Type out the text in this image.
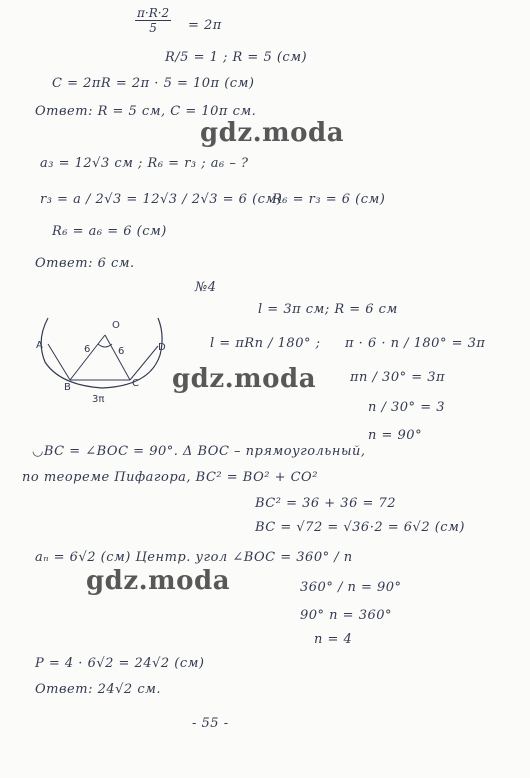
$\frac{\pi\cdot R\cdot 2}{5} = 2\pi$
R/5 = 1 ; R = 5 (см)
C = 2πR = 2π · 5 = 10π (см)
Ответ: R = 5 см, C = 10π см.
gdz.moda
a₃ = 12√3 см ; R₆ = r₃ ; a₆ – ?
r₃ = a / 2√3 = 12√3 / 2√3 = 6 (см)
R₆ = r₃ = 6 (см)
R₆ = a₆ = 6 (см)
Ответ: 6 см.
№4
l = 3π см; R = 6 см
l = πRn / 180° ; π · 6 · n / 180° = 3π
πn / 30° = 3π
n / 30° = 3
n = 90°
O
A
B	C
D
6	6
3π
gdz.moda
◡BC = ∠BOC = 90°. Δ BOC – прямоугольный,
по теореме Пифагора, BC² = BO² + CO²
BC² = 36 + 36 = 72
BC = √72 = √36·2 = 6√2 (см)
aₙ = 6√2 (см) Центр. угол ∠BOC = 360° / n
gdz.moda	360° / n = 90°
90° n = 360°
n = 4
P = 4 · 6√2 = 24√2 (см)
Ответ: 24√2 см.
- 55 -
